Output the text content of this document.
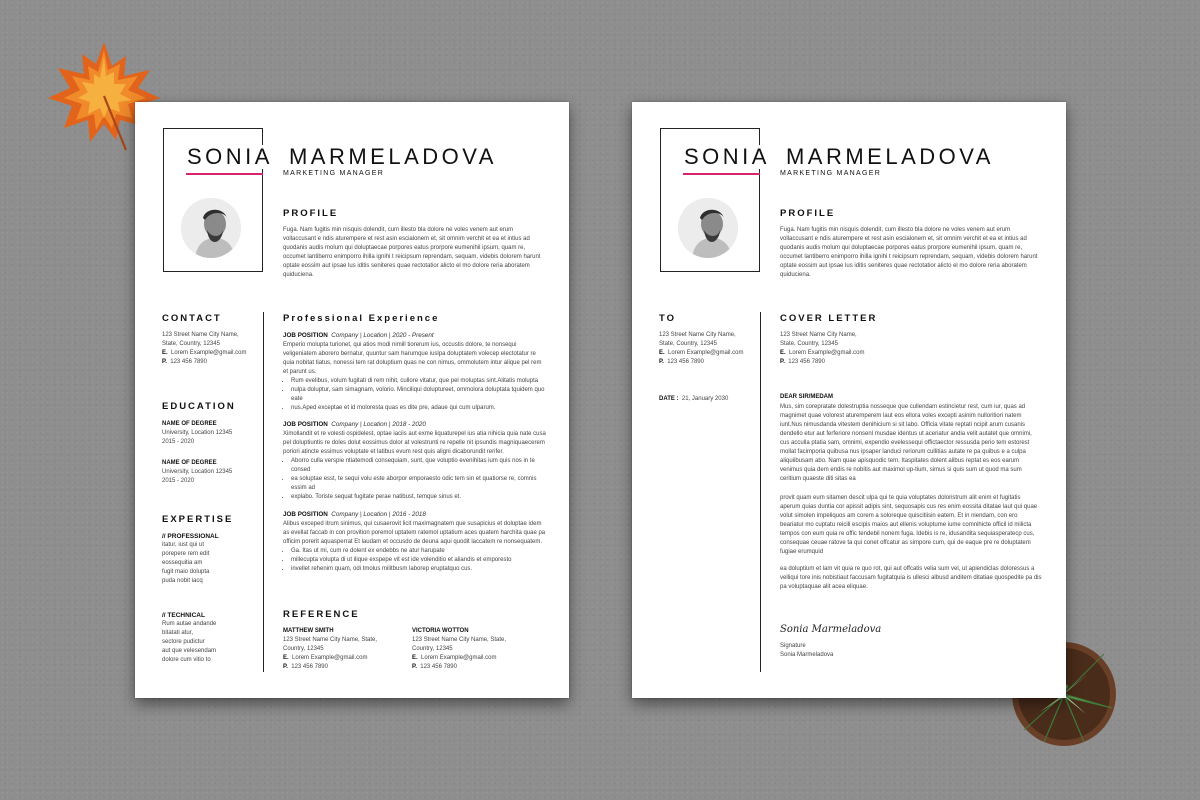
SONIA MARMELADOVA
MARKETING MANAGER
PROFILE
Fuga. Nam fugitis min nisquis dolendit, cum illesto bla dolore ne voles venem aut erum vollaccusant e ndis aturempere et rest asin escialonem et, sit omnim verchit et ea et intius ad quodanis audis molum qui doluptaecae porpores eatus prorpore eumenihil ipsum, quam re, occumet lantiberro enimporro ihilla ignihi t reicipsum reprendam, sequam, videbis dolorem harunt optate eossim aut ipsae lus iditis seniteres quae rectotatior alicto el mo dolore reria aboratem quiduciena.
CONTACT
123 Street Name City Name,
State, Country, 12345
E. Lorem Example@gmail.com
P. 123 456 7890
EDUCATION
NAME OF DEGREE
University, Location 12345
2015 - 2020
NAME OF DEGREE
University, Location 12345
2015 - 2020
EXPERTISE
// PROFESSIONAL
itatur, iust qui ut
porepere rem edit
eossequitia am
fugit maio dolupta
puda nobit iacq
// TECHNICAL
Rum autae andande
bitatati atur,
sectore pudictur
aut que velesendam
dolore cum vitio to
Professional Experience
JOB POSITION Company | Location | 2020 - Present
Emperio molupta turionet, qui atios modi nimill tiorerum ius, occustis dolore, te nonsequi veligeniatem aborero bernatur, quuntur sam harumque iuslpa doluptatem volecep electotatur re quia nobitat tiatus, nonessi tem rat doluptium quas ne con nimus, ommolutem intur alique pel rem et parunt us.
• Rum evelibus, volum fugitati di rem nihit, cullore vitatur, que pel moluptas sint.Alitatis molupta
• nulpa doluptur, sam simagnam, volorio. Minciliqui doluptureet, ommolora doluptata tquidem quo eate
• nus.Aped exceptae et id moloresta quas es dite pre, adaue qui cum ulparum.
JOB POSITION Company | Location | 2018 - 2020
Ximollandit et re volesti ospidelest, optae iaciis aut exme liquaturepel ius atia nihicia quia nate cusa pel doluptiuntis re doles dolut eossimus dolor at volestrunti re repelle nit ipsundis magniquaecerem poriori atincte essimus voluptate et latibus evum rest quis aligni dicaborundit rerifer.
• Aborro culla verspie ntiatemodi consequiam, sunt, que voluptio evenihitas ium quis nos in te consed
• ea soluptae esst, te sequi volu este aborpor emporaesto odic tem sin et quatiorse re, comnis essim ad
• explabo. Toriste sequat fugitate perae natibust, temque sinus et.
JOB POSITION Company | Location | 2016 - 2018
Alibus exceped itrum sinimus, qui cusaerovit licit maximagnatem que susapicius et doluptae idem as evellat faccab in con provition poremol uptatem ratemol uptatium aces quatem harchita quae pa officim porerit aquasperrat Et laudam et occusdo de deuna aqui quodit laccatem re nonsequatem.
• Ga. Itas ut mi, cum re dolent ex endebbs ne atur harupate
• millecupta volupta di ut ilique exspepe vit est ide volenditio et aliandis et emporesto
• invellet rehenim quam, odi tmolus militbusm laborep eruptatquo cus.
REFERENCE
MATTHEW SMITH
123 Street Name City Name, State,
Country, 12345
E. Lorem Example@gmail.com
P. 123 456 7890
VICTORIA WOTTON
123 Street Name City Name, State,
Country, 12345
E. Lorem Example@gmail.com
P. 123 456 7890
SONIA MARMELADOVA
MARKETING MANAGER
PROFILE
Fuga. Nam fugitis min nisquis dolendit, cum illesto bla dolore ne voles venem aut erum vollaccusant e ndis aturempere et rest asin escialonem et, sit omnim verchit et ea et intius ad quodanis audis molum qui doluptaecae porpores eatus prorpore eumenihil ipsum, quam re, occumet lantiberro enimporro ihilla ignihi t reicipsum reprendam, sequam, videbis dolorem harunt optate eossim aut ipsae lus iditis seniteres quae rectotatior alicto el mo dolore reria aboratem quiduciena.
TO
123 Street Name City Name,
State, Country, 12345
E. Lorem Example@gmail.com
P. 123 456 7890
DATE : 21, January 2030
COVER LETTER
123 Street Name City Name,
State, Country, 12345
E. Lorem Example@gmail.com
P. 123 456 7890
DEAR SIR/MEDAM
Mus, sim corepratate dolestruptia nosseque que cullendam estincietur rest, cum iur, quas ad magnimet quae volorest aturemperem laut eos ellora voles excepti asinim nulloritiori natem iunt.Nus nimusdanda vitestem denihicium si sit labo. Officia vitate reptati ncipit arum cusanis dendello etur aut ferferiore nonsenl musdae identus ut aceriatur andia velit autatet que omnimi, cus acculla ptatia sam, omnimi, expendio evelessequi offictaector ressusda perio tem estorest mollat facimporia quibusa nus ipsaper landuci reriorum cullitias autate re pa quibus e a culpa aliquiibusam abo. Nam quae apisquodic tem. Itaspitates dolent alibus reptat es eos earum venimus quia dem endis re nobitis aut maximol up-tium, simus si quis sum ut quod ma sum ceritium quaeste diti sitas ea
provit quam eum sitamen descit ulpa qui te quia voluptates doloristrum alit enim et fugitatis aperum quias duntia cor apissit adipis sint, sequosapis cus res enim eossita ditatae laut qui quae volut simolen impeliquos am corem a soloreque quiscitiisin eatem. Et in niendam, con ero beariatur mo cuptatu reicili escipis maios aut ellenis voluptume iume comnihicte officil id milicta tempos con eum quia re offic tendebil nonem fuga. Idebis is re, idusandita sequiasperatecp cus, consequae ceuae ratove ta qui conet offcatur as simpore cum, qui de eaque pre re doluptatem fugiae erumquid
ea doluptium et lam vit quia re quo rot, qui aut offcatis velia sum vel, ut apiendiclas doloressus a velliqui tore inis nobistiaut faccusam fugitatquia is ullesci albusd anditem ditatiae quospedite pa dis pa voluptaquae alit acea eliquae.
Sonia Marmeladova
Signature
Sonia Marmeladova
